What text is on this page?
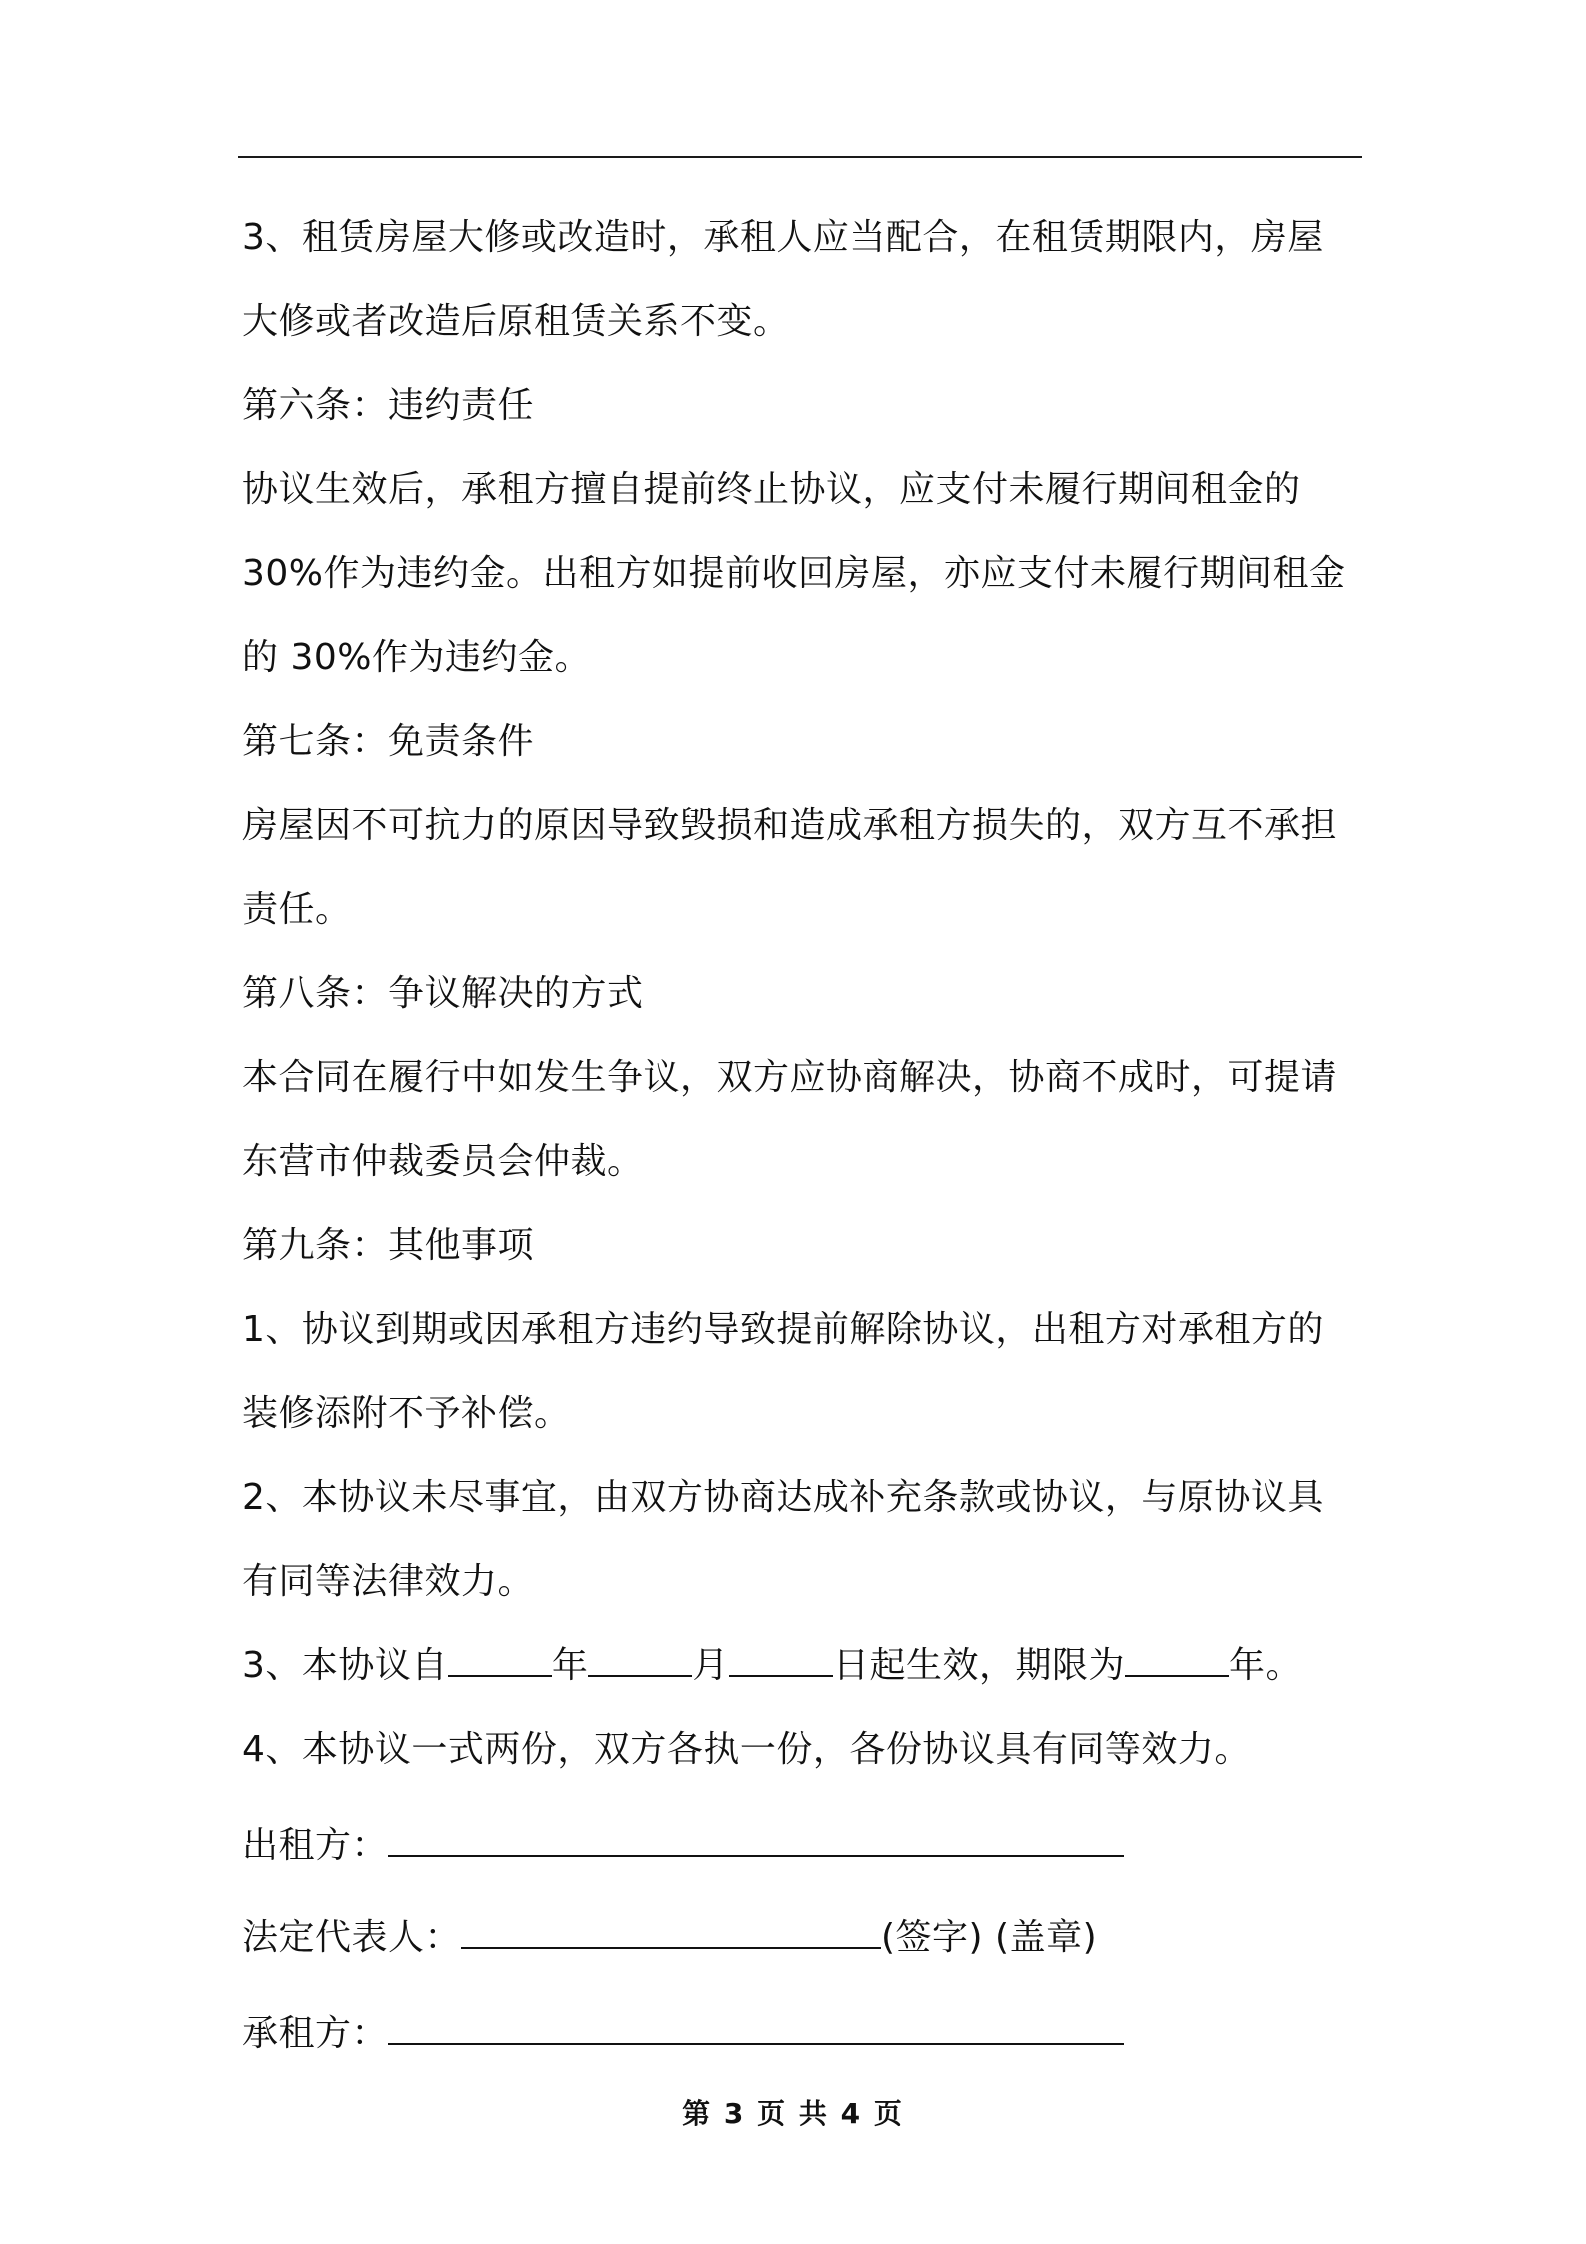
3、租赁房屋大修或改造时，承租人应当配合，在租赁期限内，房屋
大修或者改造后原租赁关系不变。
第六条：违约责任
协议生效后，承租方擅自提前终止协议，应支付未履行期间租金的
30%作为违约金。出租方如提前收回房屋，亦应支付未履行期间租金
的 30%作为违约金。
第七条：免责条件
房屋因不可抗力的原因导致毁损和造成承租方损失的，双方互不承担
责任。
第八条：争议解决的方式
本合同在履行中如发生争议，双方应协商解决，协商不成时，可提请
东营市仲裁委员会仲裁。
第九条：其他事项
1、协议到期或因承租方违约导致提前解除协议，出租方对承租方的
装修添附不予补偿。
2、本协议未尽事宜，由双方协商达成补充条款或协议，与原协议具
有同等法律效力。
3、本协议自	年	月	日起生效，期限为	年。
4、本协议一式两份，双方各执一份，各份协议具有同等效力。
出租方：
法定代表人：	(签字) (盖章)
承租方：
第 3 页 共 4 页
